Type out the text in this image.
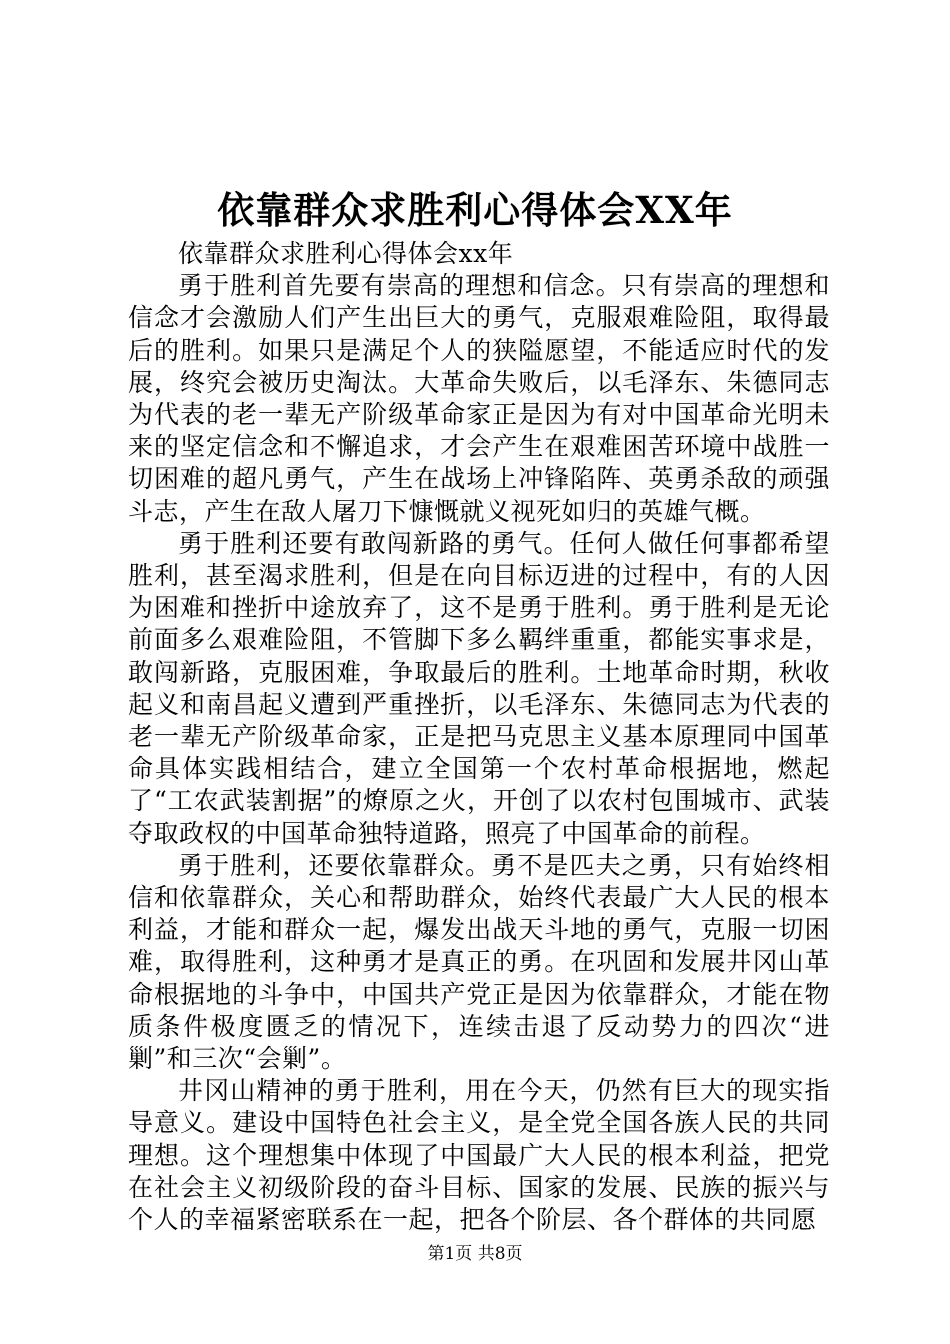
依靠群众求胜利心得体会XX年

依靠群众求胜利心得体会xx年

勇于胜利首先要有崇高的理想和信念。只有崇高的理想和信念才会激励人们产生出巨大的勇气，克服艰难险阻，取得最后的胜利。如果只是满足个人的狭隘愿望，不能适应时代的发展，终究会被历史淘汰。大革命失败后，以毛泽东、朱德同志为代表的老一辈无产阶级革命家正是因为有对中国革命光明未来的坚定信念和不懈追求，才会产生在艰难困苦环境中战胜一切困难的超凡勇气，产生在战场上冲锋陷阵、英勇杀敌的顽强斗志，产生在敌人屠刀下慷慨就义视死如归的英雄气概。

勇于胜利还要有敢闯新路的勇气。任何人做任何事都希望胜利，甚至渴求胜利，但是在向目标迈进的过程中，有的人因为困难和挫折中途放弃了，这不是勇于胜利。勇于胜利是无论前面多么艰难险阻，不管脚下多么羁绊重重，都能实事求是，敢闯新路，克服困难，争取最后的胜利。土地革命时期，秋收起义和南昌起义遭到严重挫折，以毛泽东、朱德同志为代表的老一辈无产阶级革命家，正是把马克思主义基本原理同中国革命具体实践相结合，建立全国第一个农村革命根据地，燃起了“工农武装割据”的燎原之火，开创了以农村包围城市、武装夺取政权的中国革命独特道路，照亮了中国革命的前程。

勇于胜利，还要依靠群众。勇不是匹夫之勇，只有始终相信和依靠群众，关心和帮助群众，始终代表最广大人民的根本利益，才能和群众一起，爆发出战天斗地的勇气，克服一切困难，取得胜利，这种勇才是真正的勇。在巩固和发展井冈山革命根据地的斗争中，中国共产党正是因为依靠群众，才能在物质条件极度匮乏的情况下，连续击退了反动势力的四次“进剿”和三次“会剿”。

井冈山精神的勇于胜利，用在今天，仍然有巨大的现实指导意义。建设中国特色社会主义，是全党全国各族人民的共同理想。这个理想集中体现了中国最广大人民的根本利益，把党在社会主义初级阶段的奋斗目标、国家的发展、民族的振兴与个人的幸福紧密联系在一起，把各个阶层、各个群体的共同愿

第1页 共8页
